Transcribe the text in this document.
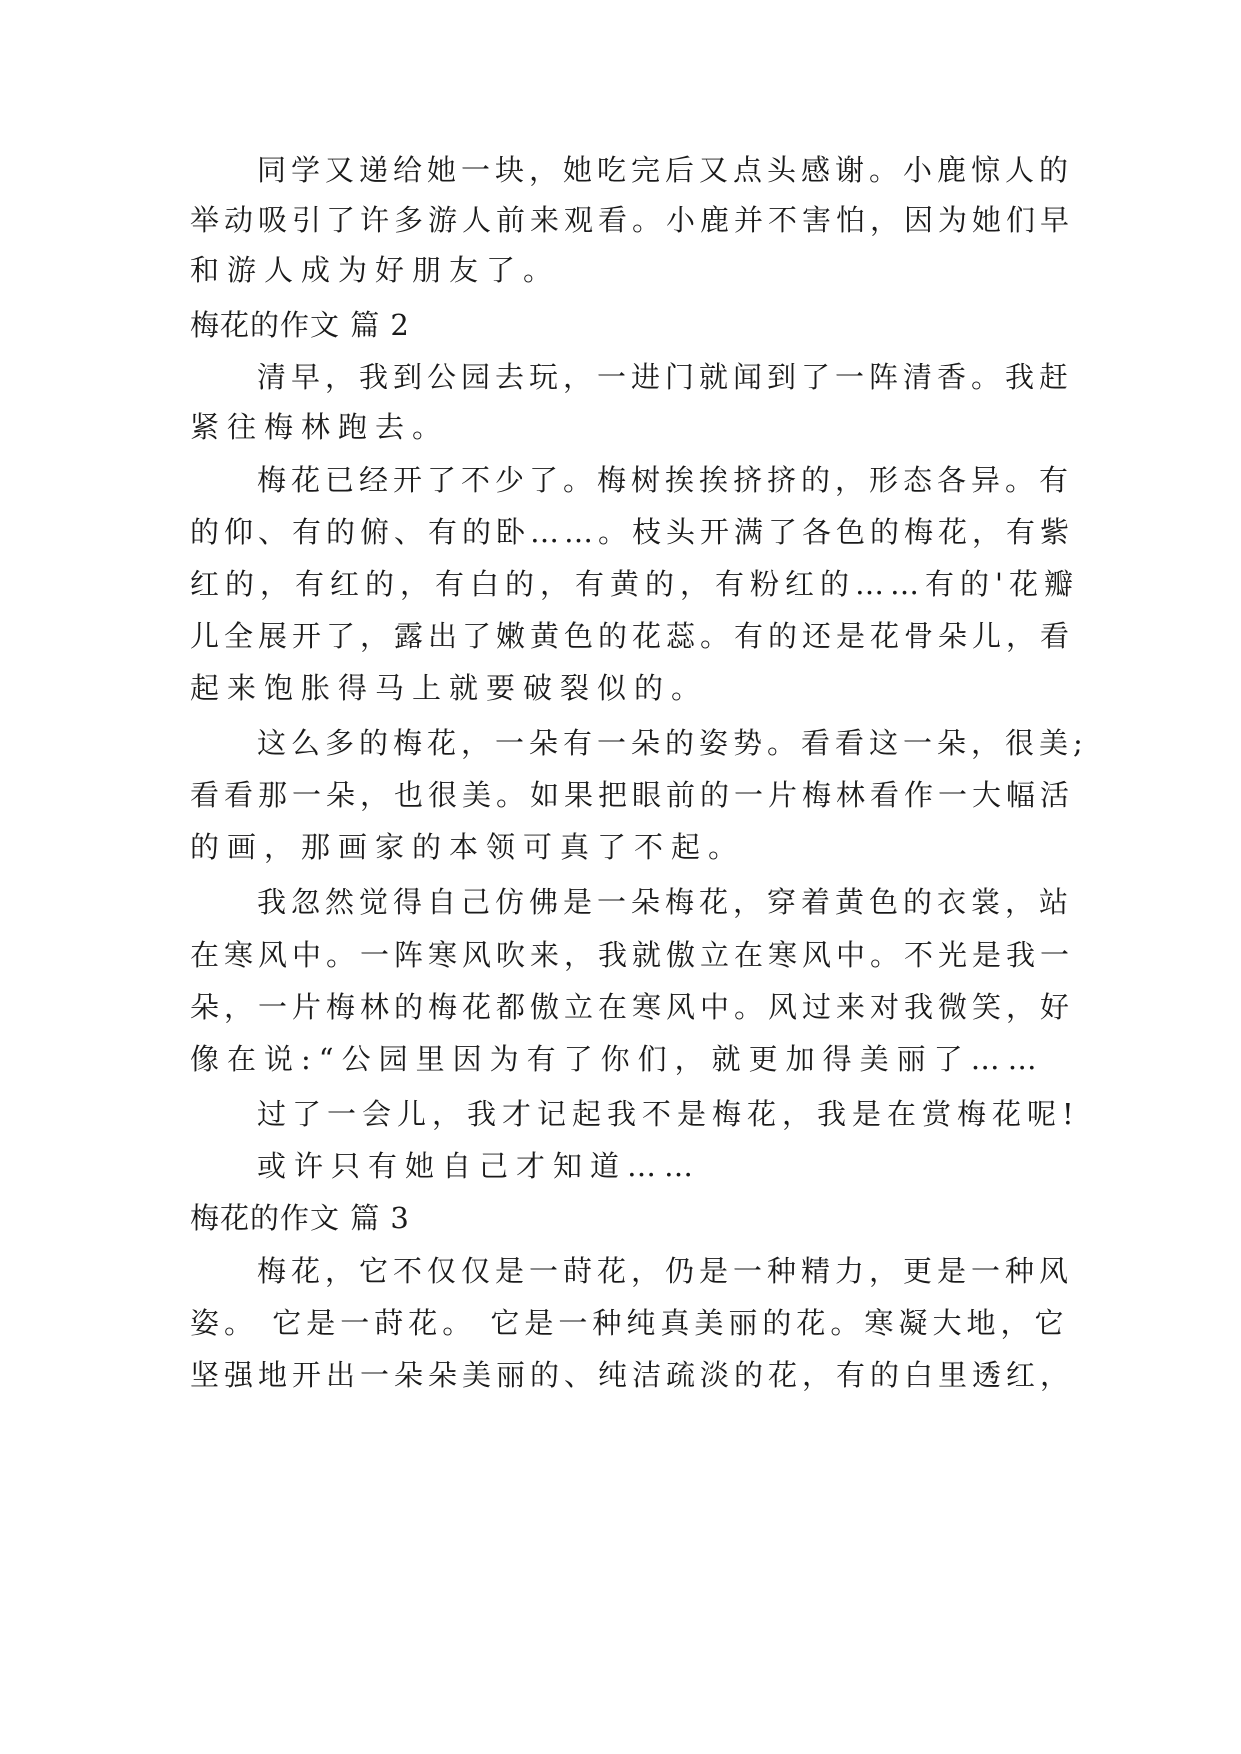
同学又递给她一块，她吃完后又点头感谢。小鹿惊人的

举动吸引了许多游人前来观看。小鹿并不害怕，因为她们早

和游人成为好朋友了。

梅花的作文 篇 2

清早，我到公园去玩，一进门就闻到了一阵清香。我赶

紧往梅林跑去。

梅花已经开了不少了。梅树挨挨挤挤的，形态各异。有

的仰、有的俯、有的卧……。枝头开满了各色的梅花，有紫

红的，有红的，有白的，有黄的，有粉红的……有的'花瓣

儿全展开了，露出了嫩黄色的花蕊。有的还是花骨朵儿，看

起来饱胀得马上就要破裂似的。

这么多的梅花，一朵有一朵的姿势。看看这一朵，很美;

看看那一朵，也很美。如果把眼前的一片梅林看作一大幅活

的画，那画家的本领可真了不起。

我忽然觉得自己仿佛是一朵梅花，穿着黄色的衣裳，站

在寒风中。一阵寒风吹来，我就傲立在寒风中。不光是我一

朵，一片梅林的梅花都傲立在寒风中。风过来对我微笑，好

像在说:“公园里因为有了你们，就更加得美丽了……

过了一会儿，我才记起我不是梅花，我是在赏梅花呢!

或许只有她自己才知道……

梅花的作文 篇 3

梅花，它不仅仅是一莳花，仍是一种精力，更是一种风

姿。 它是一莳花。 它是一种纯真美丽的花。寒凝大地，它

坚强地开出一朵朵美丽的、纯洁疏淡的花，有的白里透红，
